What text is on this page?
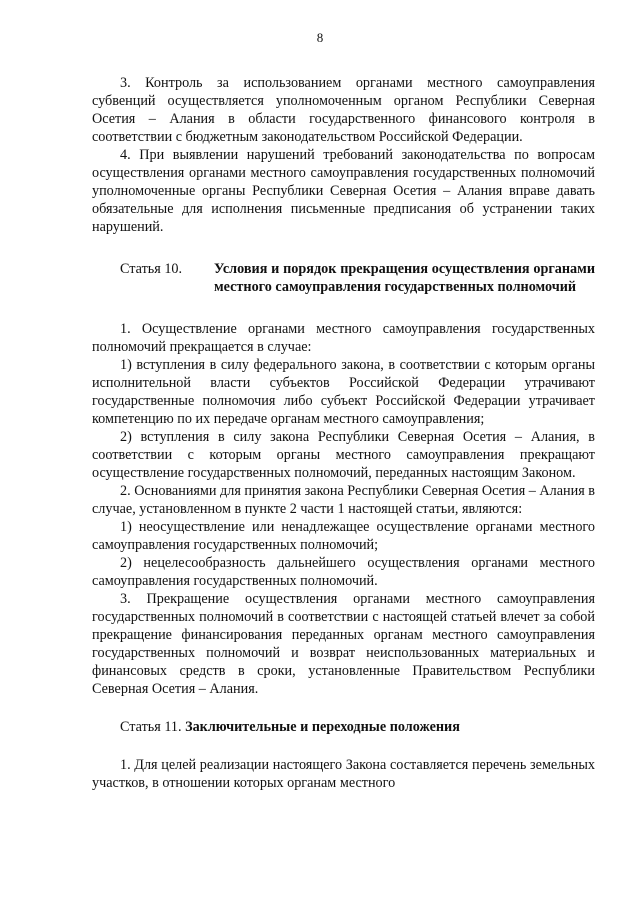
8

3. Контроль за использованием органами местного самоуправления субвенций осуществляется уполномоченным органом Республики Северная Осетия – Алания в области государственного финансового контроля в соответствии с бюджетным законодательством Российской Федерации.

4. При выявлении нарушений требований законодательства по вопросам осуществления органами местного самоуправления государственных полномочий уполномоченные органы Республики Северная Осетия – Алания вправе давать обязательные для исполнения письменные предписания об устранении таких нарушений.

Статья 10.	Условия и порядок прекращения осуществления органами местного самоуправления государственных полномочий

1. Осуществление органами местного самоуправления государственных полномочий прекращается в случае:

1) вступления в силу федерального закона, в соответствии с которым органы исполнительной власти субъектов Российской Федерации утрачивают государственные полномочия либо субъект Российской Федерации утрачивает компетенцию по их передаче органам местного самоуправления;

2) вступления в силу закона Республики Северная Осетия – Алания, в соответствии с которым органы местного самоуправления прекращают осуществление государственных полномочий, переданных настоящим Законом.

2. Основаниями для принятия закона Республики Северная Осетия – Алания в случае, установленном в пункте 2 части 1 настоящей статьи, являются:

1) неосуществление или ненадлежащее осуществление органами местного самоуправления государственных полномочий;

2) нецелесообразность дальнейшего осуществления органами местного самоуправления государственных полномочий.

3. Прекращение осуществления органами местного самоуправления государственных полномочий в соответствии с настоящей статьей влечет за собой прекращение финансирования переданных органам местного самоуправления государственных полномочий и возврат неиспользованных материальных и финансовых средств в сроки, установленные Правительством Республики Северная Осетия – Алания.

Статья 11. Заключительные и переходные положения

1. Для целей реализации настоящего Закона составляется перечень земельных участков, в отношении которых органам местного
